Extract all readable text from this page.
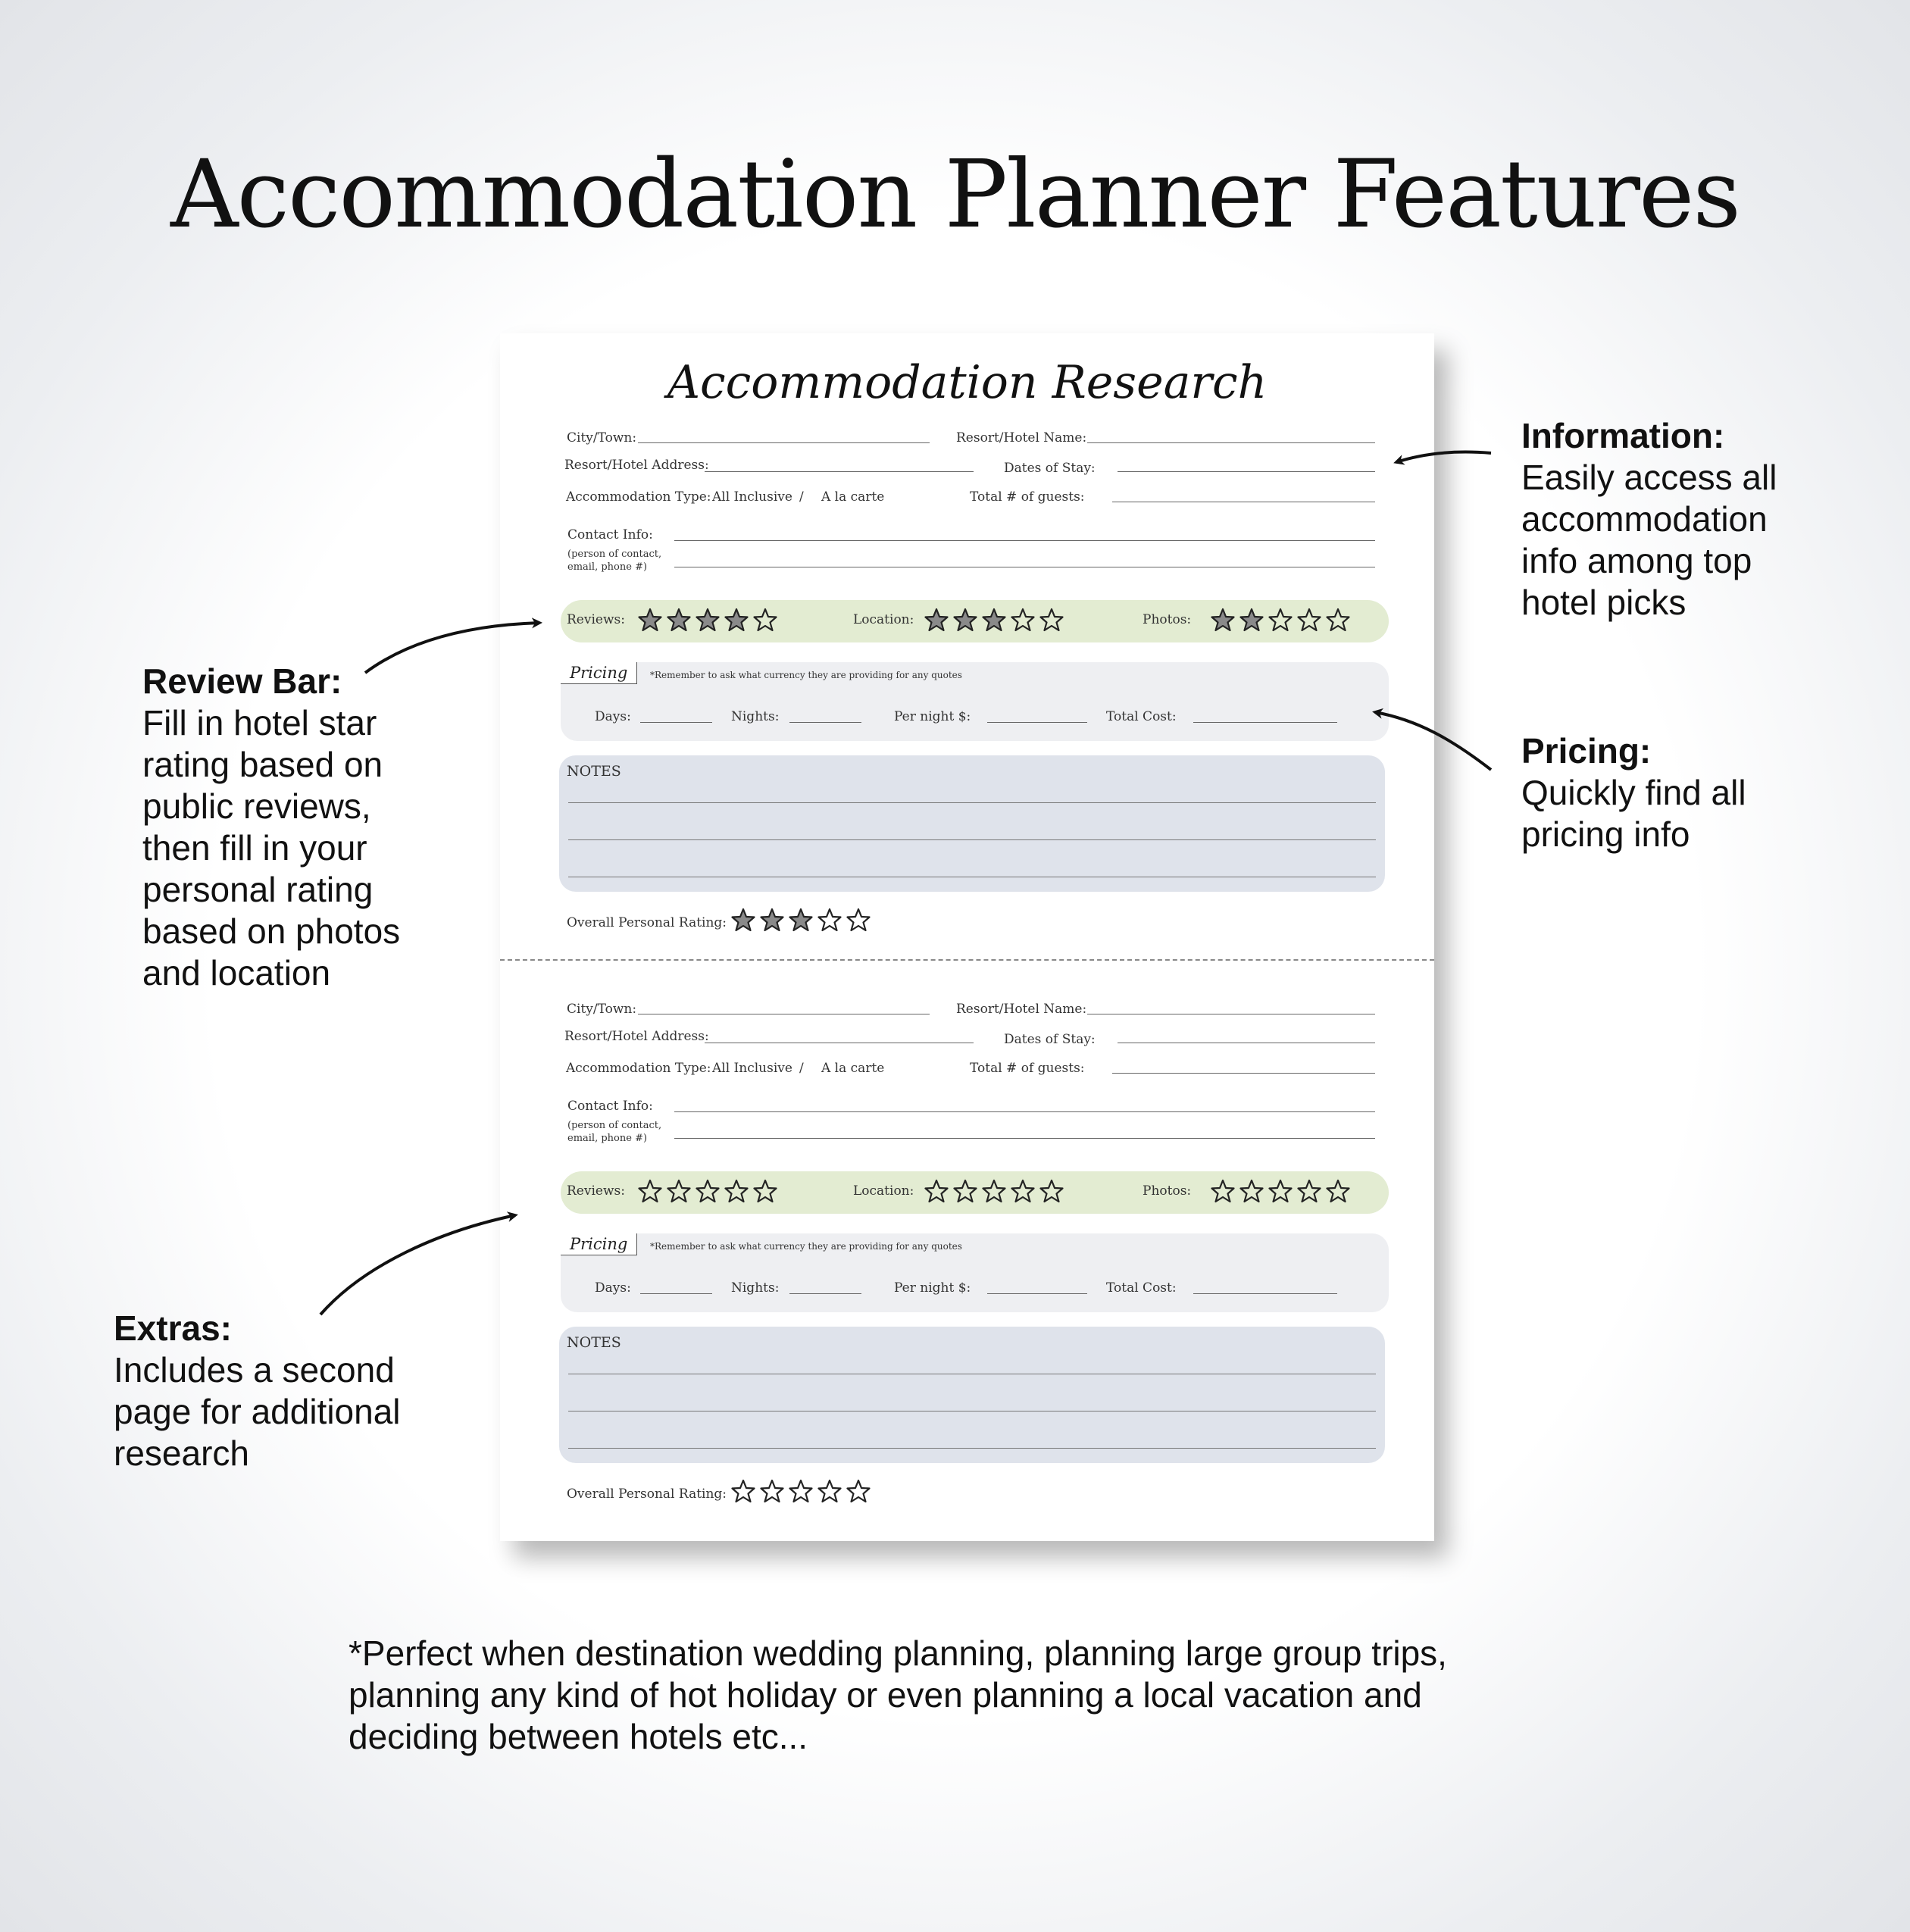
Accommodation Planner Features
Accommodation Research
City/Town:	Resort/Hotel Name:
Resort/Hotel Address:	Dates of Stay:
Accommodation Type: All Inclusive / A la carte	Total # of guests:
Contact Info:
(person of contact, email, phone #)
Reviews:	Location:	Photos:
Pricing	*Remember to ask what currency they are providing for any quotes
Days:	Nights:	Per night $:	Total Cost:
NOTES
Overall Personal Rating:
City/Town:	Resort/Hotel Name:
Resort/Hotel Address:	Dates of Stay:
Accommodation Type: All Inclusive / A la carte	Total # of guests:
Contact Info:
(person of contact, email, phone #)
Reviews:	Location:	Photos:
Pricing	*Remember to ask what currency they are providing for any quotes
Days:	Nights:	Per night $:	Total Cost:
NOTES
Overall Personal Rating:
Information:
Easily access all
accommodation
info among top
hotel picks
Review Bar:
Fill in hotel star
rating based on
public reviews,
then fill in your
personal rating
based on photos
and location
Pricing:
Quickly find all
pricing info
Extras:
Includes a second
page for additional
research
*Perfect when destination wedding planning, planning large group trips,
planning any kind of hot holiday or even planning a local vacation and
deciding between hotels etc...
